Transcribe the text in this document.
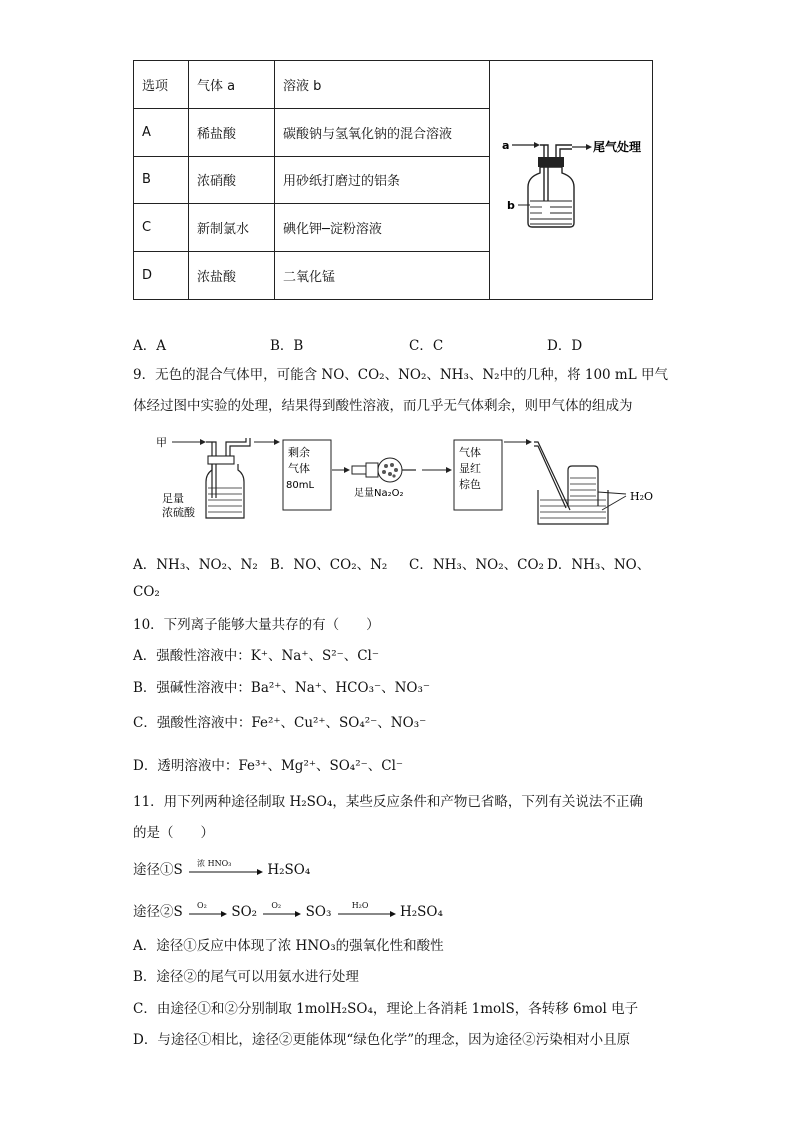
选项	气体 a	溶液 b	a 尾气处理
b

A	稀盐酸	碳酸钠与氢氧化钠的混合溶液	
B	浓硝酸	用砂纸打磨过的铝条	
C	新制氯水	碘化钾─淀粉溶液	
D	浓盐酸	二氧化锰	
A．A	B．B	C．C	D．D
9．无色的混合气体甲，可能含 NO、CO₂、NO₂、NH₃、N₂中的几种，将 100 mL 甲气
体经过图中实验的处理，结果得到酸性溶液，而几乎无气体剩余，则甲气体的组成为
甲
足量
浓硫酸
剩余
气体
80mL
足量Na₂O₂
气体
显红
棕色
H₂O
A．NH₃、NO₂、N₂ B．NO、CO₂、N₂ C．NH₃、NO₂、CO₂ D．NH₃、NO、
CO₂
10．下列离子能够大量共存的有（　　）
A．强酸性溶液中：K⁺、Na⁺、S²⁻、Cl⁻
B．强碱性溶液中：Ba²⁺、Na⁺、HCO₃⁻、NO₃⁻
C．强酸性溶液中：Fe²⁺、Cu²⁺、SO₄²⁻、NO₃⁻
D．透明溶液中：Fe³⁺、Mg²⁺、SO₄²⁻、Cl⁻
11．用下列两种途径制取 H₂SO₄，某些反应条件和产物已省略，下列有关说法不正确
的是（　　）
途径①S 浓 HNO₃	H₂SO₄
途径②S O₂ SO₂ O₂ SO₃	H₂O H₂SO₄
A．途径①反应中体现了浓 HNO₃的强氧化性和酸性
B．途径②的尾气可以用氨水进行处理
C．由途径①和②分别制取 1molH₂SO₄，理论上各消耗 1molS，各转移 6mol 电子
D．与途径①相比，途径②更能体现“绿色化学”的理念，因为途径②污染相对小且原
